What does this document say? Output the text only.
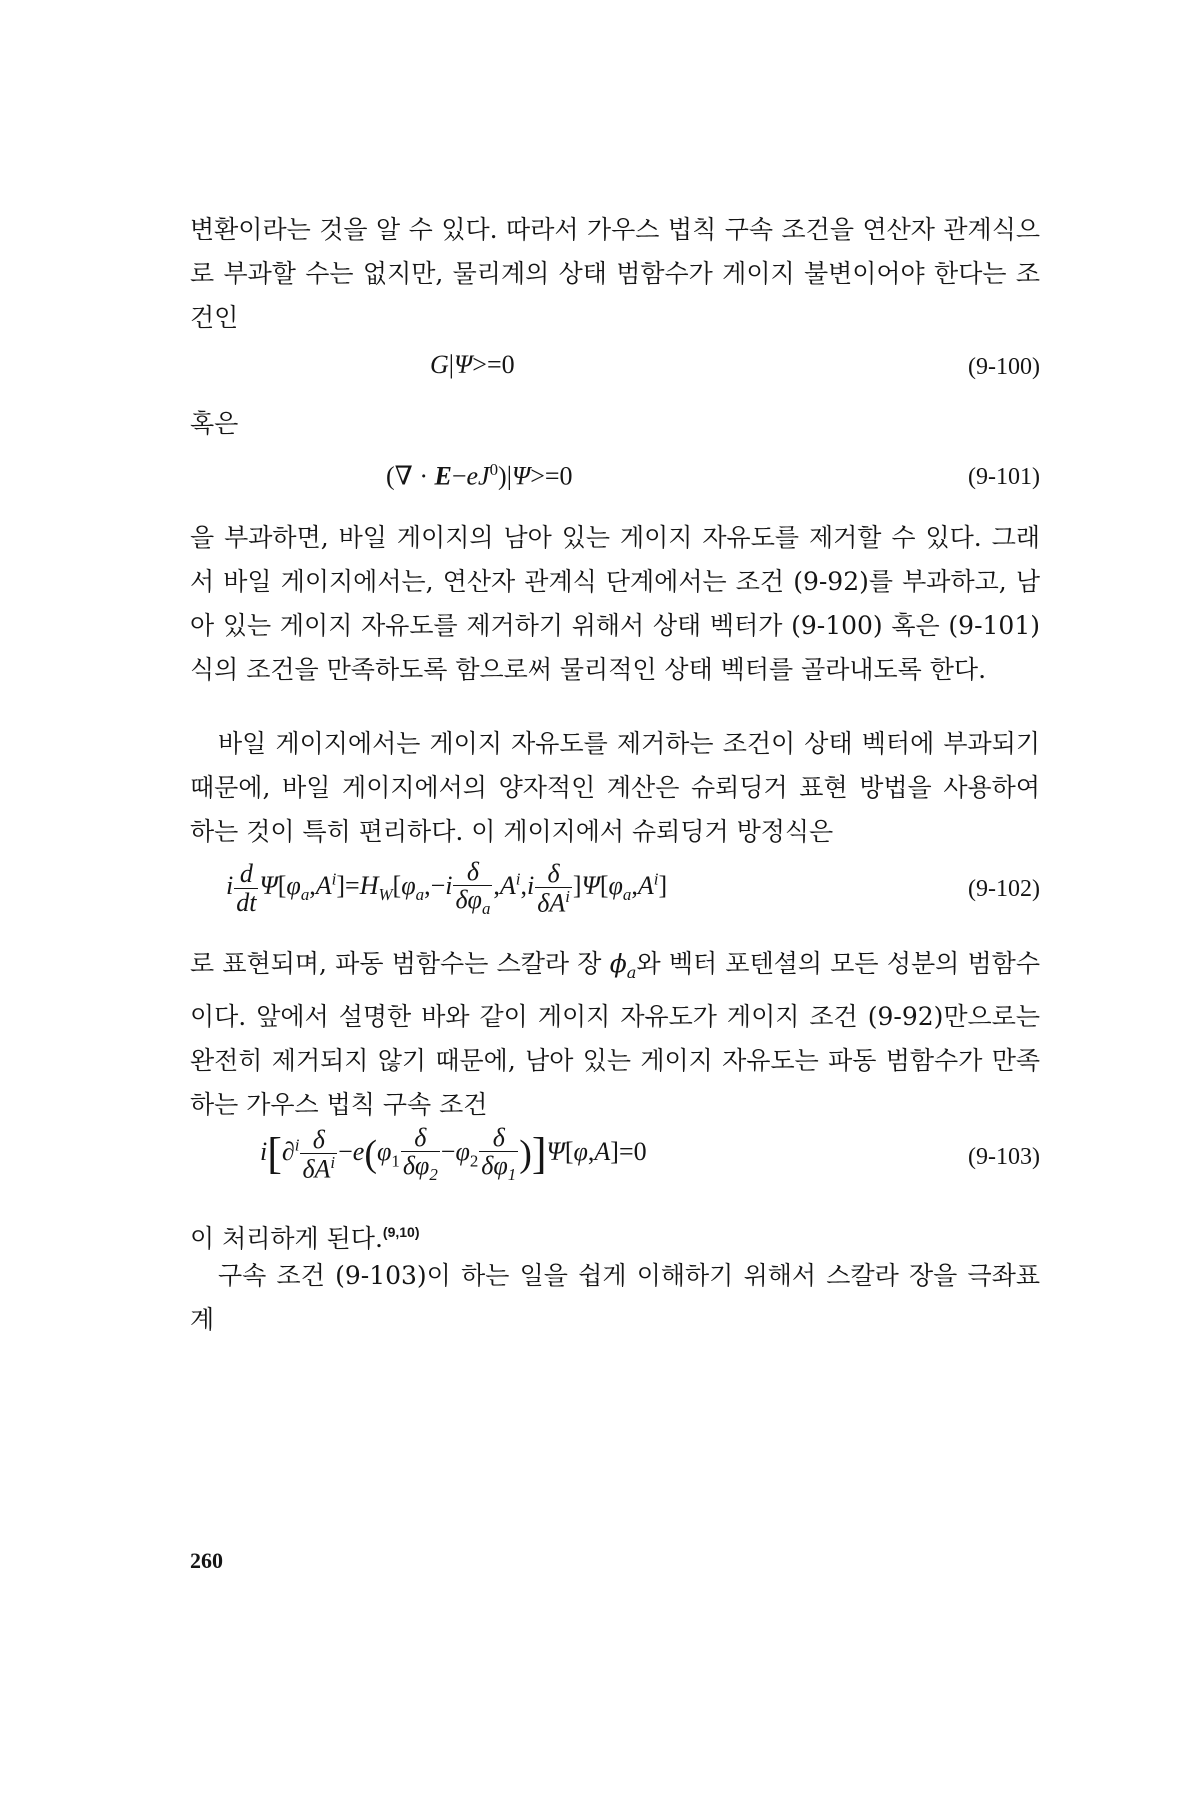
변환이라는 것을 알 수 있다. 따라서 가우스 법칙 구속 조건을 연산자 관계식으로 부과할 수는 없지만, 물리계의 상태 범함수가 게이지 불변이어야 한다는 조건인

G|Ψ>=0	(9-100)

혹은

(∇ · $E-eJ^0)|\Psi>=0$	(9-101)

을 부과하면, 바일 게이지의 남아 있는 게이지 자유도를 제거할 수 있다. 그래서 바일 게이지에서는, 연산자 관계식 단계에서는 조건 (9-92)를 부과하고, 남아 있는 게이지 자유도를 제거하기 위해서 상태 벡터가 (9-100) 혹은 (9-101)식의 조건을 만족하도록 함으로써 물리적인 상태 벡터를 골라내도록 한다.

바일 게이지에서는 게이지 자유도를 제거하는 조건이 상태 벡터에 부과되기 때문에, 바일 게이지에서의 양자적인 계산은 슈뢰딩거 표현 방법을 사용하여 하는 것이 특히 편리하다. 이 게이지에서 슈뢰딩거 방정식은

i $\frac{d}{dt} \Psi[\varphi_a,A^i]=H_W[\varphi_a,-i \frac{\delta}{\delta\varphi_a} ,A^i,i \frac{\delta}{\delta A^i} ]\Psi[\varphi_a,A^i]$	(9-102)

로 표현되며, 파동 범함수는 스칼라 장 $\phi_a$와 벡터 포텐셜의 모든 성분의 범함수이다. 앞에서 설명한 바와 같이 게이지 자유도가 게이지 조건 (9-92)만으로는 완전히 제거되지 않기 때문에, 남아 있는 게이지 자유도는 파동 범함수가 만족하는 가우스 법칙 구속 조건

$i[\partial^i \frac{\delta}{\delta A^i} -e(\varphi_1 \frac{\delta}{\delta\varphi_2} -\varphi_2 \frac{\delta}{\delta\varphi_1} )]\Psi[\varphi,A]=0$	(9-103)

이 처리하게 된다.$^{(9,10)}$

구속 조건 (9-103)이 하는 일을 쉽게 이해하기 위해서 스칼라 장을 극좌표계

260
